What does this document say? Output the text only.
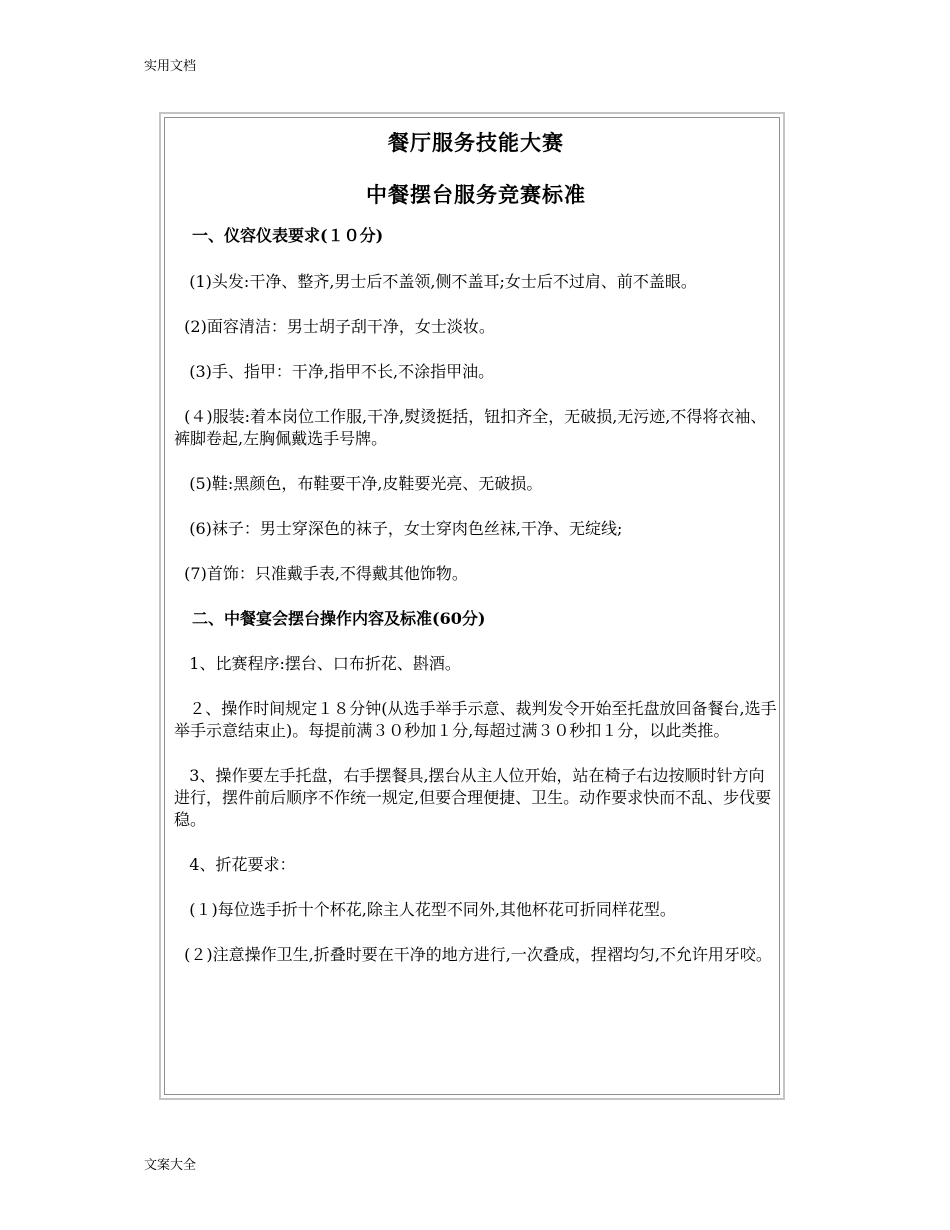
实用文档

餐厅服务技能大赛

中餐摆台服务竞赛标准

一、仪容仪表要求(１０分)

(1)头发:干净、整齐,男士后不盖领,侧不盖耳;女士后不过肩、前不盖眼。

(2)面容清洁：男士胡子刮干净，女士淡妆。

(3)手、指甲：干净,指甲不长,不涂指甲油。

(４)服装:着本岗位工作服,干净,熨烫挺括，钮扣齐全，无破损,无污迹,不得将衣袖、裤脚卷起,左胸佩戴选手号牌。

(5)鞋:黑颜色，布鞋要干净,皮鞋要光亮、无破损。

(6)袜子：男士穿深色的袜子，女士穿肉色丝袜,干净、无绽线;

(7)首饰：只准戴手表,不得戴其他饰物。

二、中餐宴会摆台操作内容及标准(60分)

1、比赛程序:摆台、口布折花、斟酒。

２、操作时间规定１８分钟(从选手举手示意、裁判发令开始至托盘放回备餐台,选手举手示意结束止)。每提前满３０秒加１分,每超过满３０秒扣１分，以此类推。

3、操作要左手托盘，右手摆餐具,摆台从主人位开始，站在椅子右边按顺时针方向进行，摆件前后顺序不作统一规定,但要合理便捷、卫生。动作要求快而不乱、步伐要稳。

4、折花要求：

(１)每位选手折十个杯花,除主人花型不同外,其他杯花可折同样花型。

(２)注意操作卫生,折叠时要在干净的地方进行,一次叠成，捏褶均匀,不允许用牙咬。

文案大全
